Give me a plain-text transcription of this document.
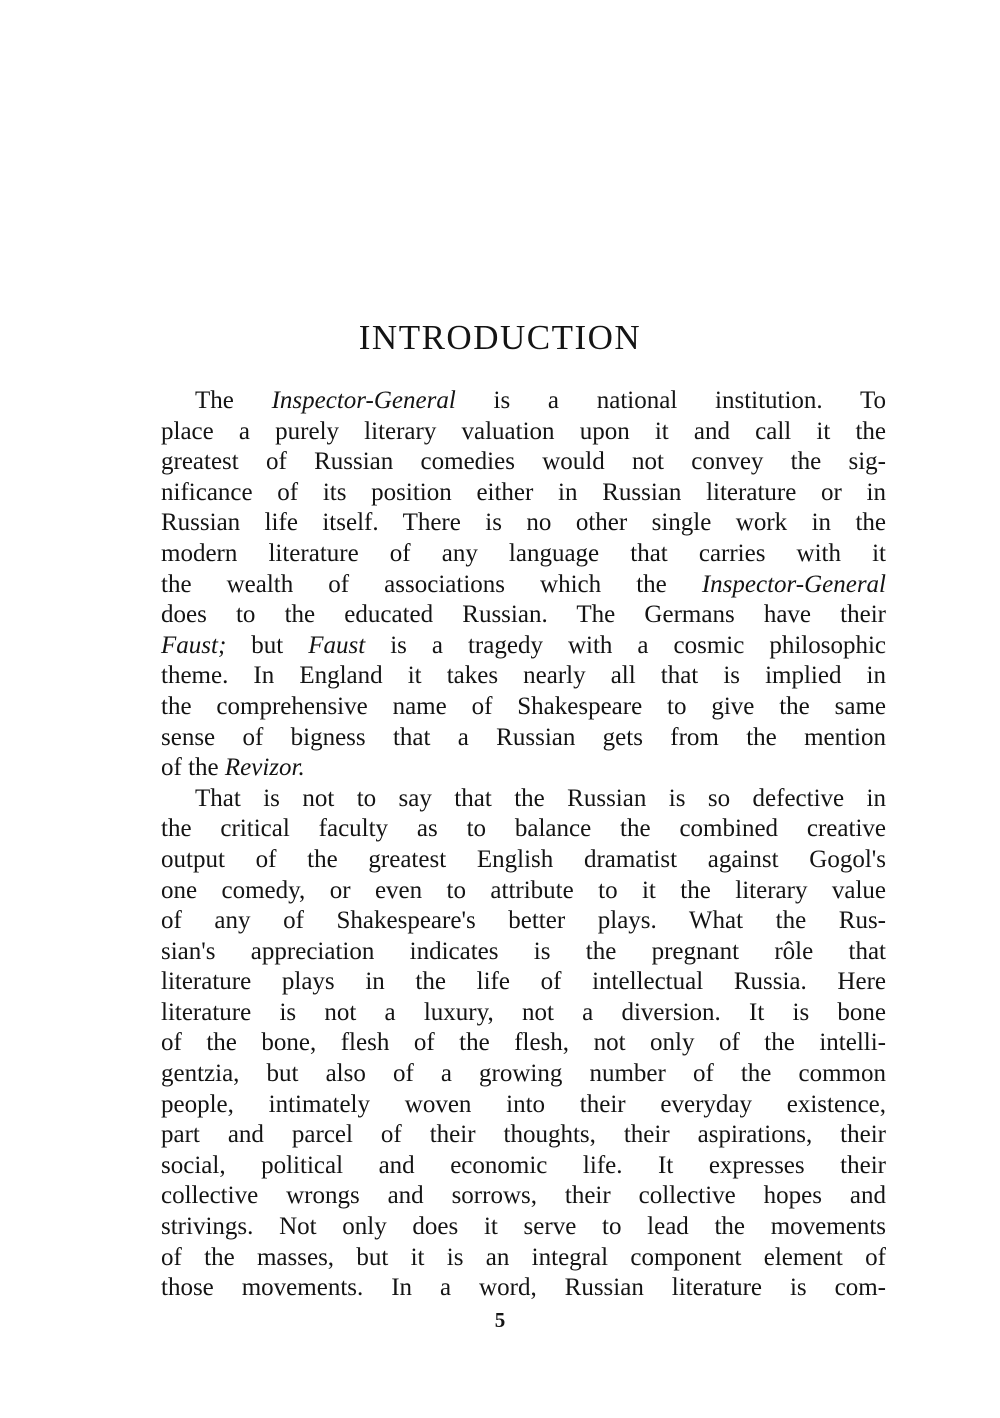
INTRODUCTION
The Inspector-General is a national institution. To
place a purely literary valuation upon it and call it the
greatest of Russian comedies would not convey the sig-
nificance of its position either in Russian literature or in
Russian life itself. There is no other single work in the
modern literature of any language that carries with it
the wealth of associations which the Inspector-General
does to the educated Russian. The Germans have their
Faust; but Faust is a tragedy with a cosmic philosophic
theme. In England it takes nearly all that is implied in
the comprehensive name of Shakespeare to give the same
sense of bigness that a Russian gets from the mention
of the Revizor.
That is not to say that the Russian is so defective in
the critical faculty as to balance the combined creative
output of the greatest English dramatist against Gogol's
one comedy, or even to attribute to it the literary value
of any of Shakespeare's better plays. What the Rus-
sian's appreciation indicates is the pregnant rôle that
literature plays in the life of intellectual Russia. Here
literature is not a luxury, not a diversion. It is bone
of the bone, flesh of the flesh, not only of the intelli-
gentzia, but also of a growing number of the common
people, intimately woven into their everyday existence,
part and parcel of their thoughts, their aspirations, their
social, political and economic life. It expresses their
collective wrongs and sorrows, their collective hopes and
strivings. Not only does it serve to lead the movements
of the masses, but it is an integral component element of
those movements. In a word, Russian literature is com-
5
